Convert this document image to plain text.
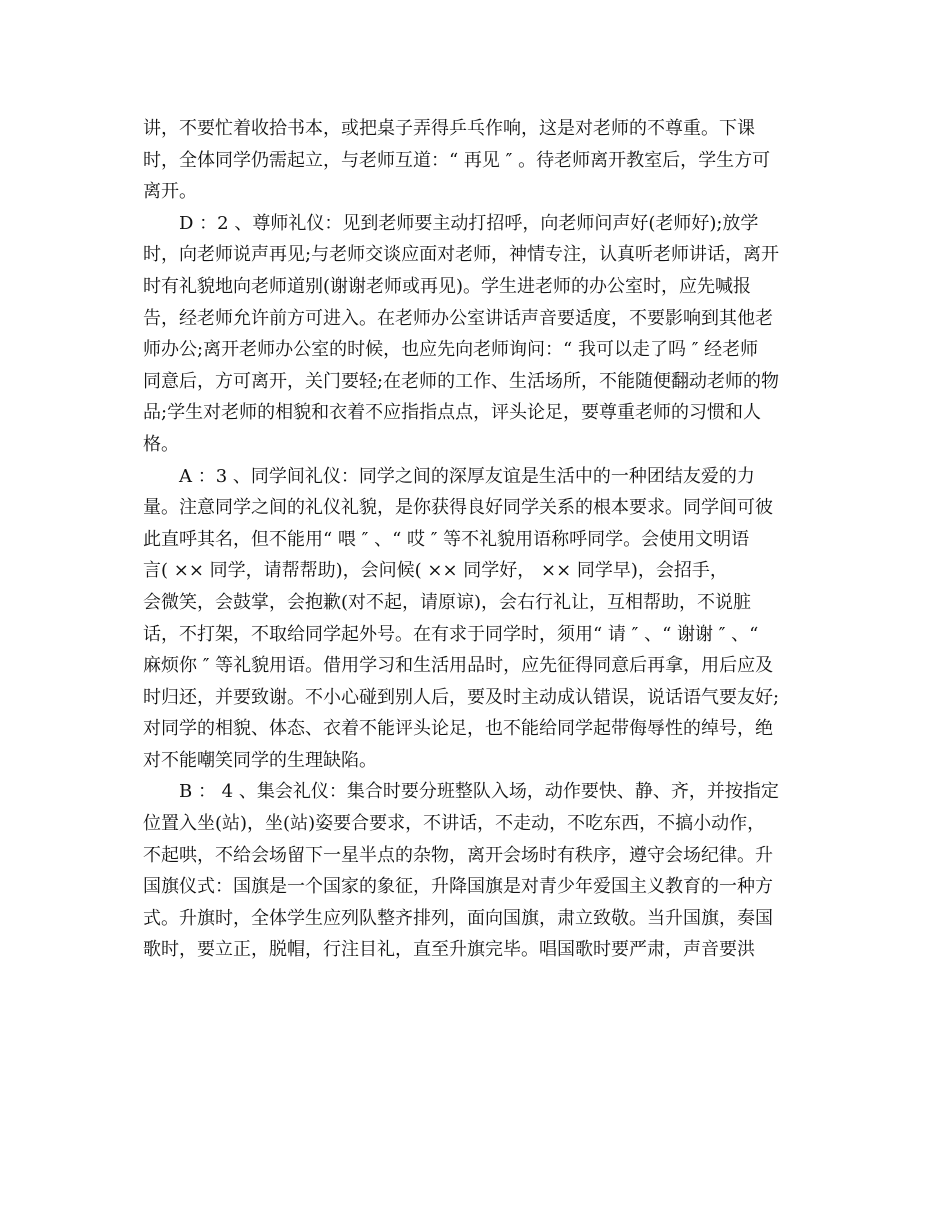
讲，不要忙着收拾书本，或把桌子弄得乒乓作响，这是对老师的不尊重。下课
时，全体同学仍需起立，与老师互道：“ 再见 ″ 。待老师离开教室后，学生方可
离开。
D ：2 、尊师礼仪：见到老师要主动打招呼，向老师问声好(老师好);放学
时，向老师说声再见;与老师交谈应面对老师，神情专注，认真听老师讲话，离开
时有礼貌地向老师道别(谢谢老师或再见)。学生进老师的办公室时，应先喊报
告，经老师允许前方可进入。在老师办公室讲话声音要适度，不要影响到其他老
师办公;离开老师办公室的时候，也应先向老师询问：“ 我可以走了吗 ″ 经老师
同意后，方可离开，关门要轻;在老师的工作、生活场所，不能随便翻动老师的物
品;学生对老师的相貌和衣着不应指指点点，评头论足，要尊重老师的习惯和人
格。
A ：3 、同学间礼仪：同学之间的深厚友谊是生活中的一种团结友爱的力
量。注意同学之间的礼仪礼貌，是你获得良好同学关系的根本要求。同学间可彼
此直呼其名，但不能用“ 喂 ″ 、“ 哎 ″ 等不礼貌用语称呼同学。会使用文明语
言( ×× 同学，请帮帮助)，会问候( ×× 同学好， ×× 同学早)，会招手，
会微笑，会鼓掌，会抱歉(对不起，请原谅)，会右行礼让，互相帮助，不说脏
话，不打架，不取给同学起外号。在有求于同学时，须用“ 请 ″ 、“ 谢谢 ″ 、“
麻烦你 ″ 等礼貌用语。借用学习和生活用品时，应先征得同意后再拿，用后应及
时归还，并要致谢。不小心碰到别人后，要及时主动成认错误，说话语气要友好;
对同学的相貌、体态、衣着不能评头论足，也不能给同学起带侮辱性的绰号，绝
对不能嘲笑同学的生理缺陷。
B ： 4 、集会礼仪：集合时要分班整队入场，动作要快、静、齐，并按指定
位置入坐(站)，坐(站)姿要合要求，不讲话，不走动，不吃东西，不搞小动作，
不起哄，不给会场留下一星半点的杂物，离开会场时有秩序，遵守会场纪律。升
国旗仪式：国旗是一个国家的象征，升降国旗是对青少年爱国主义教育的一种方
式。升旗时，全体学生应列队整齐排列，面向国旗，肃立致敬。当升国旗，奏国
歌时，要立正，脱帽，行注目礼，直至升旗完毕。唱国歌时要严肃，声音要洪
